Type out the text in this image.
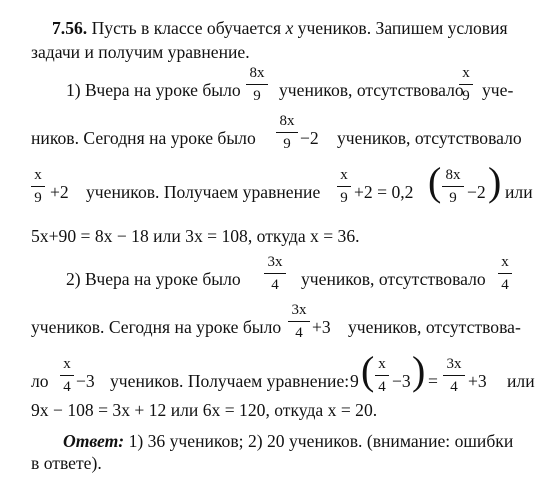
7.56. Пусть в классе обучается x учеников. Запишем условия
задачи и получим уравнение.
1) Вчера на уроке было
8x
9	учеников, отсутствовало
x
9 уче-
ников. Сегодня на уроке было
8x
9 −2 учеников, отсутствовало
x
9 +2 учеников. Получаем уравнение
x
9 +2 = 0,2 ( 8x
9 −2 ) или
5x+90 = 8x − 18 или 3x = 108, откуда x = 36.
2) Вчера на уроке было
3x
4	учеников, отсутствовало
x
4
учеников. Сегодня на уроке было
3x
4 +3 учеников, отсутствова-
ло
x
4 −3 учеников. Получаем уравнение: 9 ( x
4 −3 ) =
3x
4 +3 или
9x − 108 = 3x + 12 или 6x = 120, откуда x = 20.
Ответ: 1) 36 учеников; 2) 20 учеников. (внимание: ошибки
в ответе).
